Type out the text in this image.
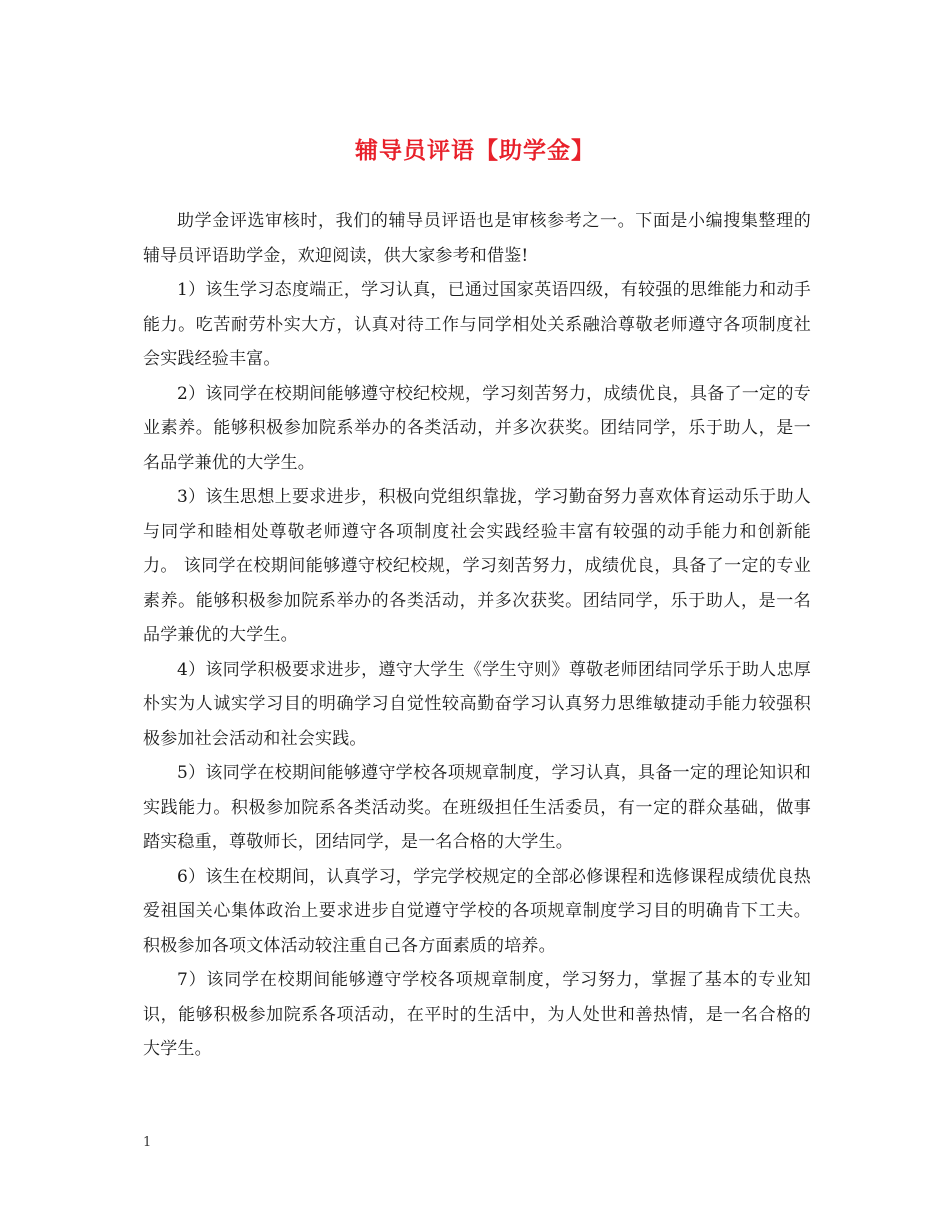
辅导员评语【助学金】

助学金评选审核时，我们的辅导员评语也是审核参考之一。下面是小编搜集整理的辅导员评语助学金，欢迎阅读，供大家参考和借鉴!

1）该生学习态度端正，学习认真，已通过国家英语四级，有较强的思维能力和动手能力。吃苦耐劳朴实大方，认真对待工作与同学相处关系融洽尊敬老师遵守各项制度社会实践经验丰富。

2）该同学在校期间能够遵守校纪校规，学习刻苦努力，成绩优良，具备了一定的专业素养。能够积极参加院系举办的各类活动，并多次获奖。团结同学，乐于助人，是一名品学兼优的大学生。

3）该生思想上要求进步，积极向党组织靠拢，学习勤奋努力喜欢体育运动乐于助人与同学和睦相处尊敬老师遵守各项制度社会实践经验丰富有较强的动手能力和创新能力。 该同学在校期间能够遵守校纪校规，学习刻苦努力，成绩优良，具备了一定的专业素养。能够积极参加院系举办的各类活动，并多次获奖。团结同学，乐于助人，是一名品学兼优的大学生。

4）该同学积极要求进步，遵守大学生《学生守则》尊敬老师团结同学乐于助人忠厚朴实为人诚实学习目的明确学习自觉性较高勤奋学习认真努力思维敏捷动手能力较强积极参加社会活动和社会实践。

5）该同学在校期间能够遵守学校各项规章制度，学习认真，具备一定的理论知识和实践能力。积极参加院系各类活动奖。在班级担任生活委员，有一定的群众基础，做事踏实稳重，尊敬师长，团结同学，是一名合格的大学生。

6）该生在校期间，认真学习，学完学校规定的全部必修课程和选修课程成绩优良热爱祖国关心集体政治上要求进步自觉遵守学校的各项规章制度学习目的明确肯下工夫。积极参加各项文体活动较注重自己各方面素质的培养。

7）该同学在校期间能够遵守学校各项规章制度，学习努力，掌握了基本的专业知识，能够积极参加院系各项活动，在平时的生活中，为人处世和善热情，是一名合格的大学生。

1
